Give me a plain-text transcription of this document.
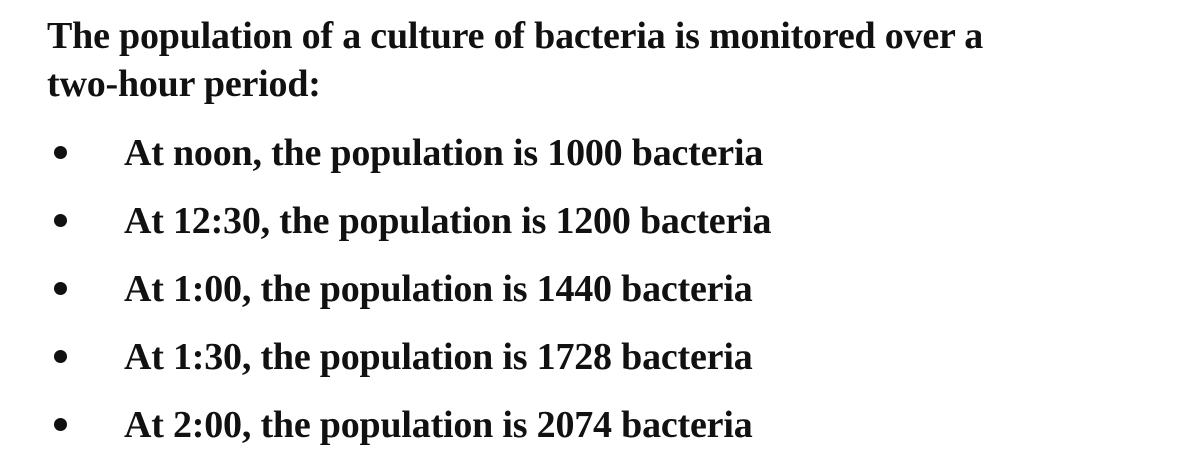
The population of a culture of bacteria is monitored over a
two-hour period:

At noon, the population is 1000 bacteria
At 12:30, the population is 1200 bacteria
At 1:00, the population is 1440 bacteria
At 1:30, the population is 1728 bacteria
At 2:00, the population is 2074 bacteria
